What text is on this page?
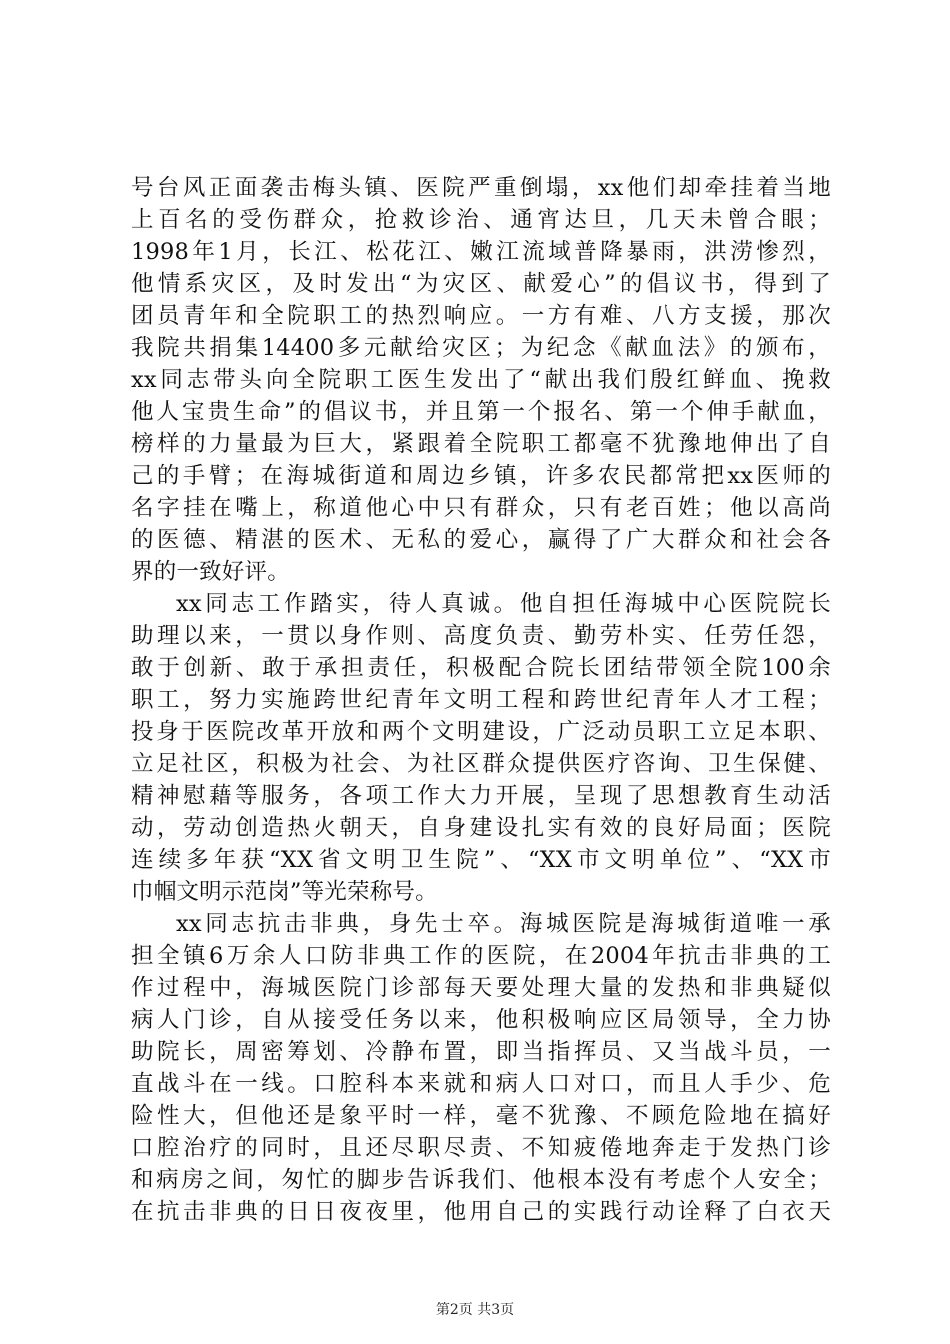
号台风正面袭击梅头镇、医院严重倒塌，xx他们却牵挂着当地
上百名的受伤群众，抢救诊治、通宵达旦，几天未曾合眼；
1998年1月，长江、松花江、嫩江流域普降暴雨，洪涝惨烈，
他情系灾区，及时发出“为灾区、献爱心”的倡议书，得到了
团员青年和全院职工的热烈响应。一方有难、八方支援，那次
我院共捐集14400多元献给灾区；为纪念《献血法》的颁布，
xx同志带头向全院职工医生发出了“献出我们殷红鲜血、挽救
他人宝贵生命”的倡议书，并且第一个报名、第一个伸手献血，
榜样的力量最为巨大，紧跟着全院职工都毫不犹豫地伸出了自
己的手臂；在海城街道和周边乡镇，许多农民都常把xx医师的
名字挂在嘴上，称道他心中只有群众，只有老百姓；他以高尚
的医德、精湛的医术、无私的爱心，赢得了广大群众和社会各
界的一致好评。
xx同志工作踏实，待人真诚。他自担任海城中心医院院长
助理以来，一贯以身作则、高度负责、勤劳朴实、任劳任怨，
敢于创新、敢于承担责任，积极配合院长团结带领全院100余
职工，努力实施跨世纪青年文明工程和跨世纪青年人才工程；
投身于医院改革开放和两个文明建设，广泛动员职工立足本职、
立足社区，积极为社会、为社区群众提供医疗咨询、卫生保健、
精神慰藉等服务，各项工作大力开展，呈现了思想教育生动活
动，劳动创造热火朝天，自身建设扎实有效的良好局面；医院
连续多年获“XX省文明卫生院”、“XX市文明单位”、“XX市
巾帼文明示范岗”等光荣称号。
xx同志抗击非典，身先士卒。海城医院是海城街道唯一承
担全镇6万余人口防非典工作的医院，在2004年抗击非典的工
作过程中，海城医院门诊部每天要处理大量的发热和非典疑似
病人门诊，自从接受任务以来，他积极响应区局领导，全力协
助院长，周密筹划、冷静布置，即当指挥员、又当战斗员，一
直战斗在一线。口腔科本来就和病人口对口，而且人手少、危
险性大，但他还是象平时一样，毫不犹豫、不顾危险地在搞好
口腔治疗的同时，且还尽职尽责、不知疲倦地奔走于发热门诊
和病房之间，匆忙的脚步告诉我们、他根本没有考虑个人安全；
在抗击非典的日日夜夜里，他用自己的实践行动诠释了白衣天
第2页 共3页
